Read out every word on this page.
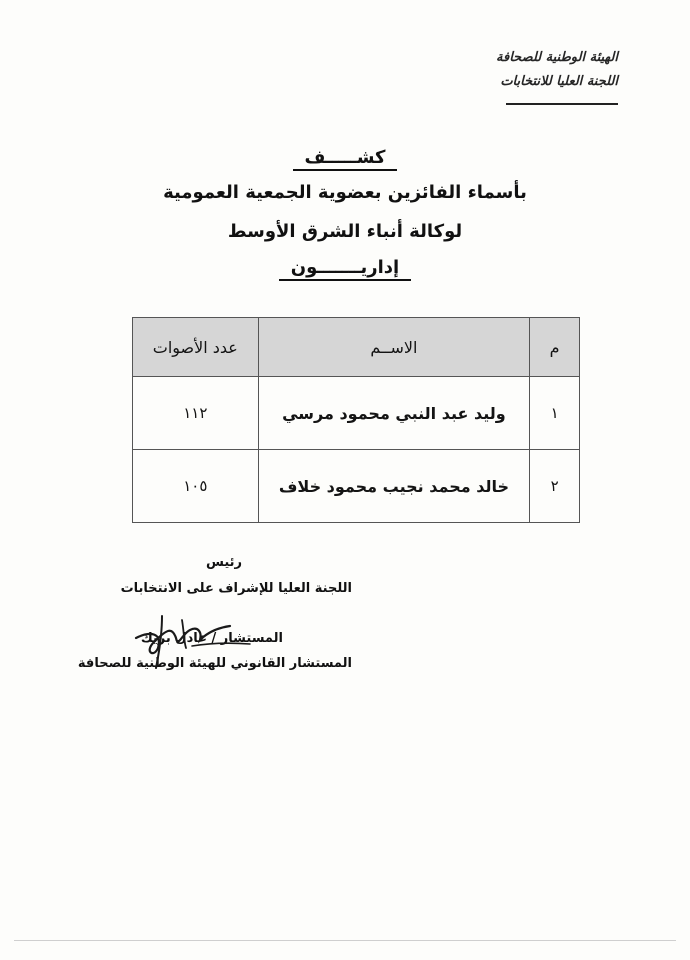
الهيئة الوطنية للصحافة
اللجنة العليا للانتخابات
كشـــــف
بأسماء الفائزين بعضوية الجمعية العمومية
لوكالة أنباء الشرق الأوسط
إداريـــــــون
م	الاســم	عدد الأصوات
١	وليد عبد النبي محمود مرسي	١١٢
٢	خالد محمد نجيب محمود خلاف	١٠٥
رئيس
اللجنة العليا للإشراف على الانتخابات
المستشار / عادل بريك
المستشار القانوني للهيئة الوطنية للصحافة
